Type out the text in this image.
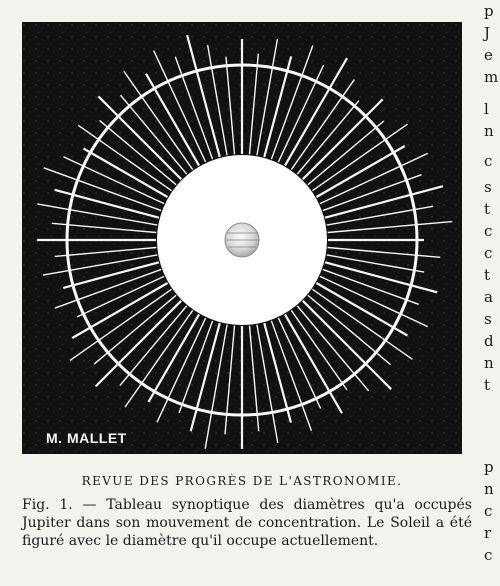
M. MALLET
REVUE DES PROGRÈS DE L'ASTRONOMIE.
Fig. 1. — Tableau synoptique des diamètres qu'a occupés Jupiter dans son mouvement de concentration. Le Soleil a été figuré avec le diamètre qu'il occupe actuellement.
p
J
e
m
l
n
c
s
t
c
c
t
a
s
d
n
t
p
n
c
r
c
